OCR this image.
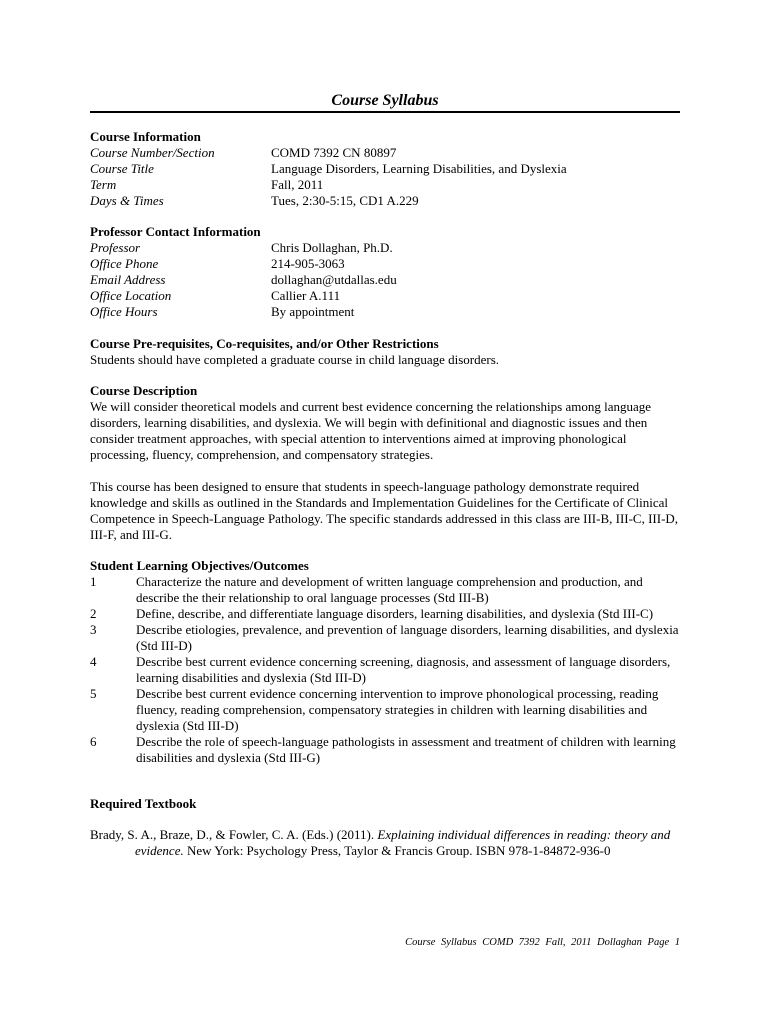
Course Syllabus
Course Information
Course Number/Section	COMD 7392 CN 80897
Course Title	Language Disorders, Learning Disabilities, and Dyslexia
Term	Fall, 2011
Days & Times	Tues, 2:30-5:15, CD1 A.229
Professor Contact Information
Professor	Chris Dollaghan, Ph.D.
Office Phone	214-905-3063
Email Address	dollaghan@utdallas.edu
Office Location	Callier A.111
Office Hours	By appointment
Course Pre-requisites, Co-requisites, and/or Other Restrictions

Students should have completed a graduate course in child language disorders.

Course Description

We will consider theoretical models and current best evidence concerning the relationships among language disorders, learning disabilities, and dyslexia. We will begin with definitional and diagnostic issues and then consider treatment approaches, with special attention to interventions aimed at improving phonological processing, fluency, comprehension, and compensatory strategies.

This course has been designed to ensure that students in speech-language pathology demonstrate required knowledge and skills as outlined in the Standards and Implementation Guidelines for the Certificate of Clinical Competence in Speech-Language Pathology. The specific standards addressed in this class are III-B, III-C, III-D, III-F, and III-G.

Student Learning Objectives/Outcomes
1	Characterize the nature and development of written language comprehension and production, and describe the their relationship to oral language processes (Std III-B)
2	Define, describe, and differentiate language disorders, learning disabilities, and dyslexia (Std III-C)
3	Describe etiologies, prevalence, and prevention of language disorders, learning disabilities, and dyslexia (Std III-D)
4	Describe best current evidence concerning screening, diagnosis, and assessment of language disorders, learning disabilities and dyslexia (Std III-D)
5	Describe best current evidence concerning intervention to improve phonological processing, reading fluency, reading comprehension, compensatory strategies in children with learning disabilities and dyslexia (Std III-D)
6	Describe the role of speech-language pathologists in assessment and treatment of children with learning disabilities and dyslexia (Std III-G)
Required Textbook

Brady, S. A., Braze, D., & Fowler, C. A. (Eds.) (2011). Explaining individual differences in reading: theory and evidence. New York: Psychology Press, Taylor & Francis Group. ISBN 978-1-84872-936-0

Course Syllabus COMD 7392 Fall, 2011 Dollaghan Page 1
